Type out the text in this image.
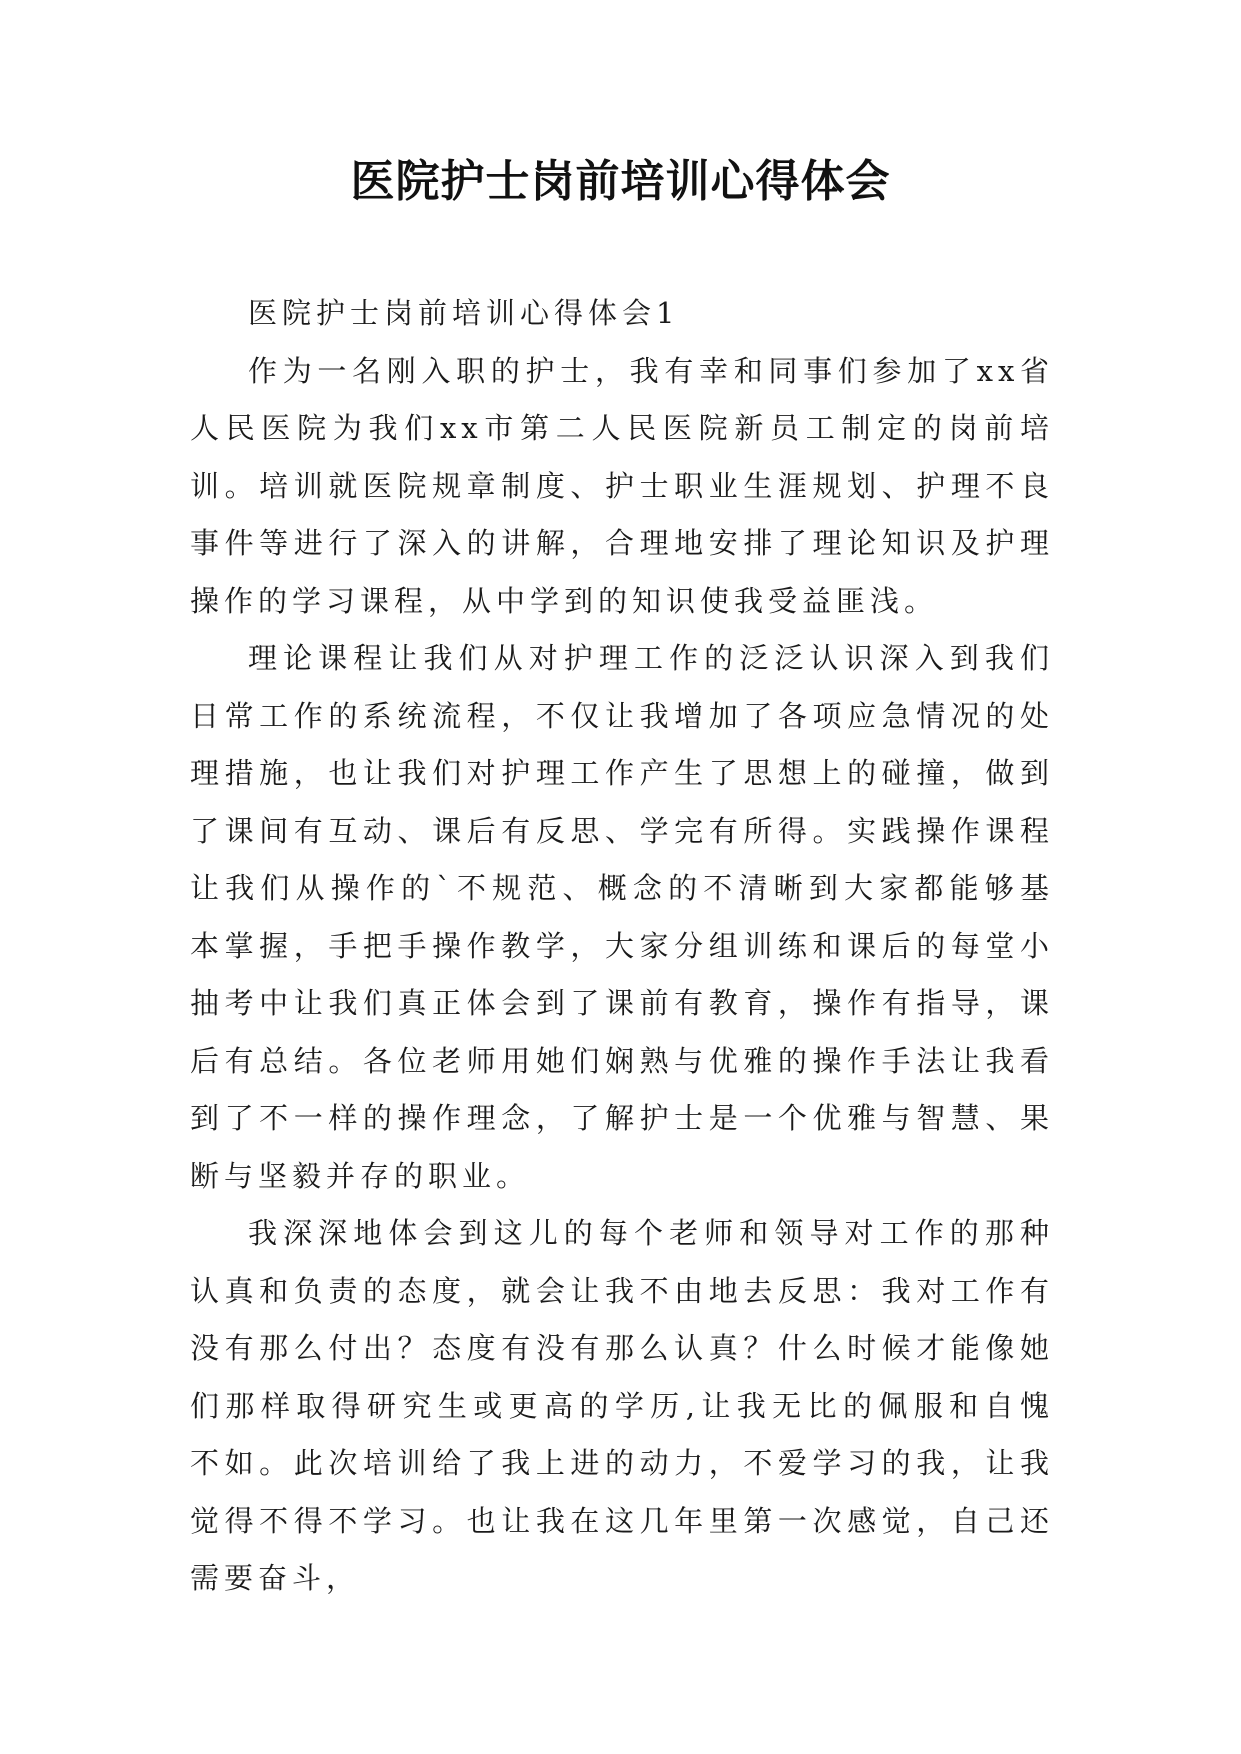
医院护士岗前培训心得体会

医院护士岗前培训心得体会1

作为一名刚入职的护士，我有幸和同事们参加了xx省人民医院为我们xx市第二人民医院新员工制定的岗前培训。培训就医院规章制度、护士职业生涯规划、护理不良事件等进行了深入的讲解，合理地安排了理论知识及护理操作的学习课程，从中学到的知识使我受益匪浅。

理论课程让我们从对护理工作的泛泛认识深入到我们日常工作的系统流程，不仅让我增加了各项应急情况的处理措施，也让我们对护理工作产生了思想上的碰撞，做到了课间有互动、课后有反思、学完有所得。实践操作课程让我们从操作的`不规范、概念的不清晰到大家都能够基本掌握，手把手操作教学，大家分组训练和课后的每堂小抽考中让我们真正体会到了课前有教育，操作有指导，课后有总结。各位老师用她们娴熟与优雅的操作手法让我看到了不一样的操作理念，了解护士是一个优雅与智慧、果断与坚毅并存的职业。

我深深地体会到这儿的每个老师和领导对工作的那种认真和负责的态度，就会让我不由地去反思：我对工作有没有那么付出？态度有没有那么认真？什么时候才能像她们那样取得研究生或更高的学历,让我无比的佩服和自愧不如。此次培训给了我上进的动力，不爱学习的我，让我觉得不得不学习。也让我在这几年里第一次感觉，自己还需要奋斗，
